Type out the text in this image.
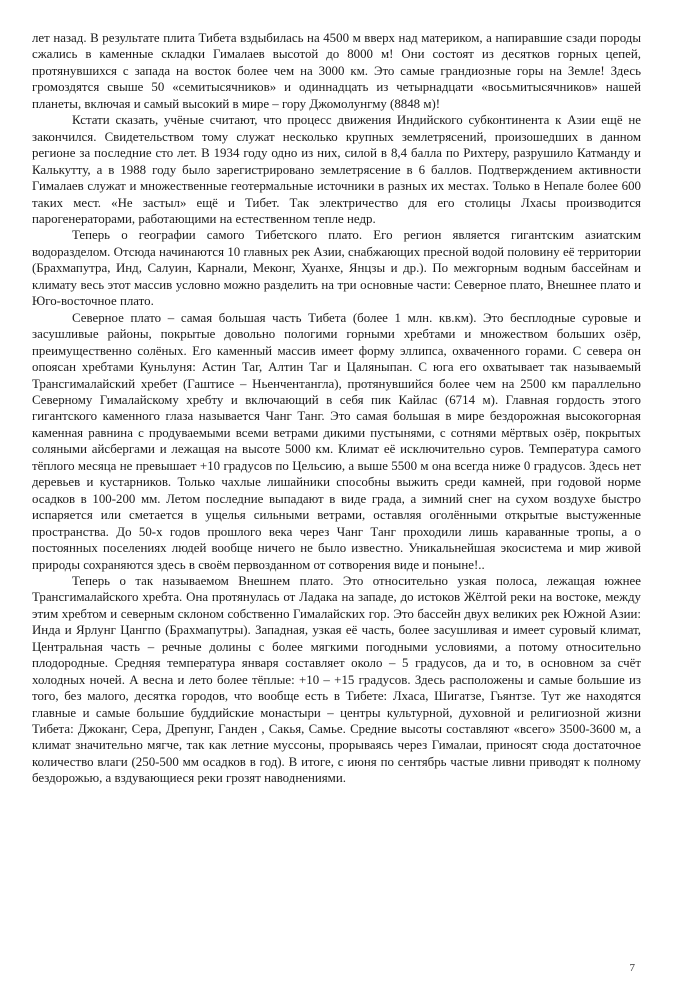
лет назад. В результате плита Тибета вздыбилась на 4500 м вверх над материком, а напиравшие сзади породы сжались в каменные складки Гималаев высотой до 8000 м! Они состоят из десятков горных цепей, протянувшихся с запада на восток более чем на 3000 км. Это самые грандиозные горы на Земле! Здесь громоздятся свыше 50 «семитысячников» и одиннадцать из четырнадцати «восьмитысячников» нашей планеты, включая и самый высокий в мире – гору Джомолунгму (8848 м)!

Кстати сказать, учёные считают, что процесс движения Индийского субконтинента к Азии ещё не закончился. Свидетельством тому служат несколько крупных землетрясений, произошедших в данном регионе за последние сто лет. В 1934 году одно из них, силой в 8,4 балла по Рихтеру, разрушило Катманду и Калькутту, а в 1988 году было зарегистрировано землетрясение в 6 баллов. Подтверждением активности Гималаев служат и множественные геотермальные источники в разных их местах. Только в Непале более 600 таких мест. «Не застыл» ещё и Тибет. Так электричество для его столицы Лхасы производится парогенераторами, работающими на естественном тепле недр.

Теперь о географии самого Тибетского плато. Его регион является гигантским азиатским водоразделом. Отсюда начинаются 10 главных рек Азии, снабжающих пресной водой половину её территории (Брахмапутра, Инд, Салуин, Карнали, Меконг, Хуанхе, Янцзы и др.). По межгорным водным бассейнам и климату весь этот массив условно можно разделить на три основные части: Северное плато, Внешнее плато и Юго-восточное плато.

Северное плато – самая большая часть Тибета (более 1 млн. кв.км). Это бесплодные суровые и засушливые районы, покрытые довольно пологими горными хребтами и множеством больших озёр, преимущественно солёных. Его каменный массив имеет форму эллипса, охваченного горами. С севера он опоясан хребтами Куньлуня: Астин Таг, Алтин Таг и Цаляныпан. С юга его охватывает так называемый Трансгималайский хребет (Гаштисе – Ньенчентангла), протянувшийся более чем на 2500 км параллельно Северному Гималайскому хребту и включающий в себя пик Кайлас (6714 м). Главная гордость этого гигантского каменного глаза называется Чанг Танг. Это самая большая в мире бездорожная высокогорная каменная равнина с продуваемыми всеми ветрами дикими пустынями, с сотнями мёртвых озёр, покрытых соляными айсбергами и лежащая на высоте 5000 км. Климат её исключительно суров. Температура самого тёплого месяца не превышает +10 градусов по Цельсию, а выше 5500 м она всегда ниже 0 градусов. Здесь нет деревьев и кустарников. Только чахлые лишайники способны выжить среди камней, при годовой норме осадков в 100-200 мм. Летом последние выпадают в виде града, а зимний снег на сухом воздухе быстро испаряется или сметается в ущелья сильными ветрами, оставляя оголёнными открытые выстуженные пространства. До 50-х годов прошлого века через Чанг Танг проходили лишь караванные тропы, а о постоянных поселениях людей вообще ничего не было известно. Уникальнейшая экосистема и мир живой природы сохраняются здесь в своём первозданном от сотворения виде и поныне!..

Теперь о так называемом Внешнем плато. Это относительно узкая полоса, лежащая южнее Трансгималайского хребта. Она протянулась от Ладака на западе, до истоков Жёлтой реки на востоке, между этим хребтом и северным склоном собственно Гималайских гор. Это бассейн двух великих рек Южной Азии: Инда и Ярлунг Цангпо (Брахмапутры). Западная, узкая её часть, более засушливая и имеет суровый климат, Центральная часть – речные долины с более мягкими погодными условиями, а потому относительно плодородные. Средняя температура января составляет около – 5 градусов, да и то, в основном за счёт холодных ночей. А весна и лето более тёплые: +10 – +15 градусов. Здесь расположены и самые большие из того, без малого, десятка городов, что вообще есть в Тибете: Лхаса, Шигатзе, Гьянтзе. Тут же находятся главные и самые большие буддийские монастыри – центры культурной, духовной и религиозной жизни Тибета: Джоканг, Сера, Дрепунг, Ганден , Сакья, Самье. Средние высоты составляют «всего» 3500-3600 м, а климат значительно мягче, так как летние муссоны, прорываясь через Гималаи, приносят сюда достаточное количество влаги (250-500 мм осадков в год). В итоге, с июня по сентябрь частые ливни приводят к полному бездорожью, а вздувающиеся реки грозят наводнениями.

7
